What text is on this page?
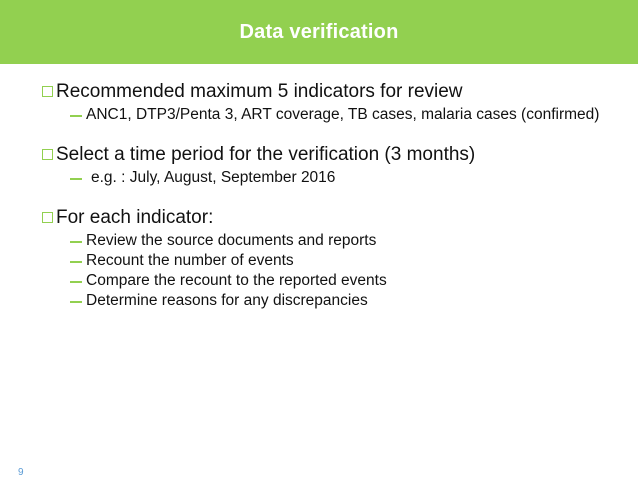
Data verification
Recommended maximum 5 indicators for review
ANC1, DTP3/Penta 3, ART coverage, TB cases, malaria cases (confirmed)
Select a time period for the verification (3 months)
e.g. : July, August, September 2016
For each indicator:
Review the source documents and reports
Recount the number of events
Compare the recount to the reported events
Determine reasons for any discrepancies
9
